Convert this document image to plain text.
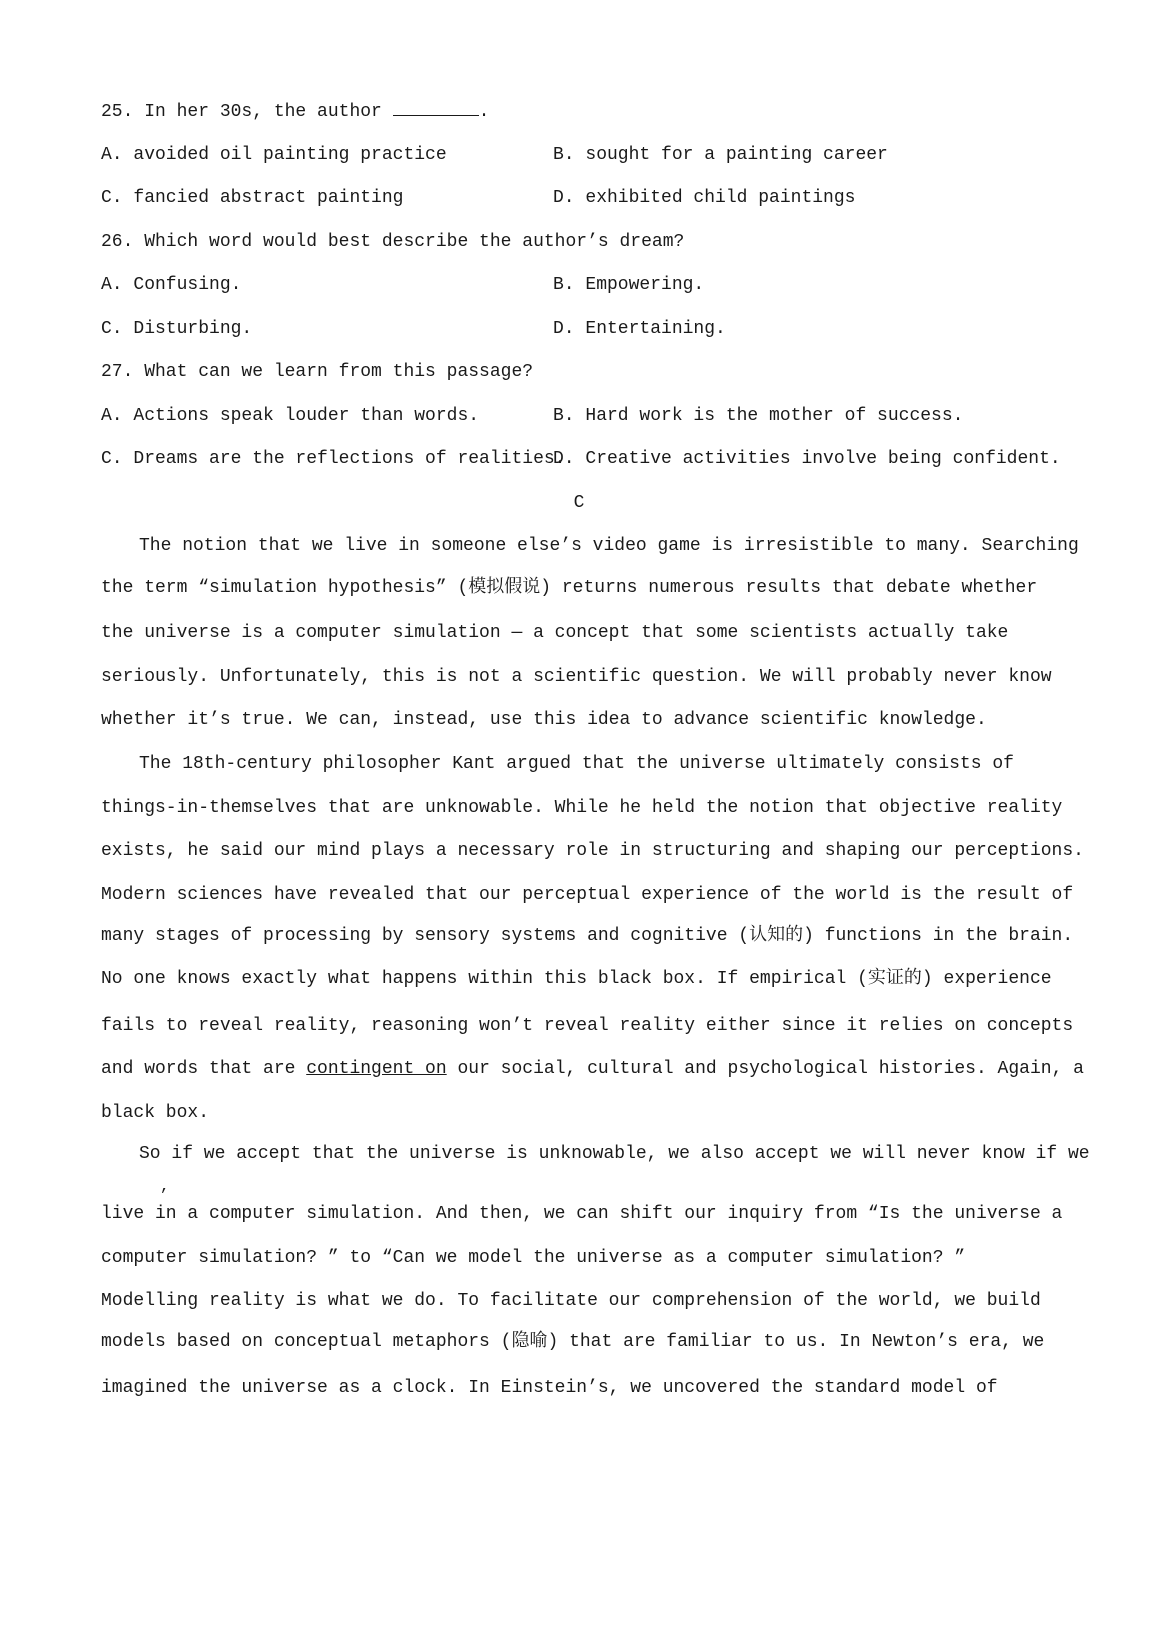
25. In her 30s, the author	.
A. avoided oil painting practice	B. sought for a painting career
C. fancied abstract painting	D. exhibited child paintings
26. Which word would best describe the author’s dream?
A. Confusing.	B. Empowering.
C. Disturbing.	D. Entertaining.
27. What can we learn from this passage?
A. Actions speak louder than words.	B. Hard work is the mother of success.
C. Dreams are the reflections of realities.
D. Creative activities involve being confident.
C
The notion that we live in someone else’s video game is irresistible to many. Searching
the term “simulation hypothesis” (模拟假说) returns numerous results that debate whether
the universe is a computer simulation — a concept that some scientists actually take
seriously. Unfortunately, this is not a scientific question. We will probably never know
whether it’s true. We can, instead, use this idea to advance scientific knowledge.
The 18th-century philosopher Kant argued that the universe ultimately consists of
things-in-themselves that are unknowable. While he held the notion that objective reality
exists, he said our mind plays a necessary role in structuring and shaping our perceptions.
Modern sciences have revealed that our perceptual experience of the world is the result of
many stages of processing by sensory systems and cognitive (认知的) functions in the brain.
No one knows exactly what happens within this black box. If empirical (实证的) experience
fails to reveal reality, reasoning won’t reveal reality either since it relies on concepts
and words that are contingent on our social, cultural and psychological histories. Again, a
black box.
So if we accept that the universe is unknowable, we also accept we will never know if we
,
live in a computer simulation. And then, we can shift our inquiry from “Is the universe a
computer simulation? ” to “Can we model the universe as a computer simulation? ”
Modelling reality is what we do. To facilitate our comprehension of the world, we build
models based on conceptual metaphors (隐喻) that are familiar to us. In Newton’s era, we
imagined the universe as a clock. In Einstein’s, we uncovered the standard model of
